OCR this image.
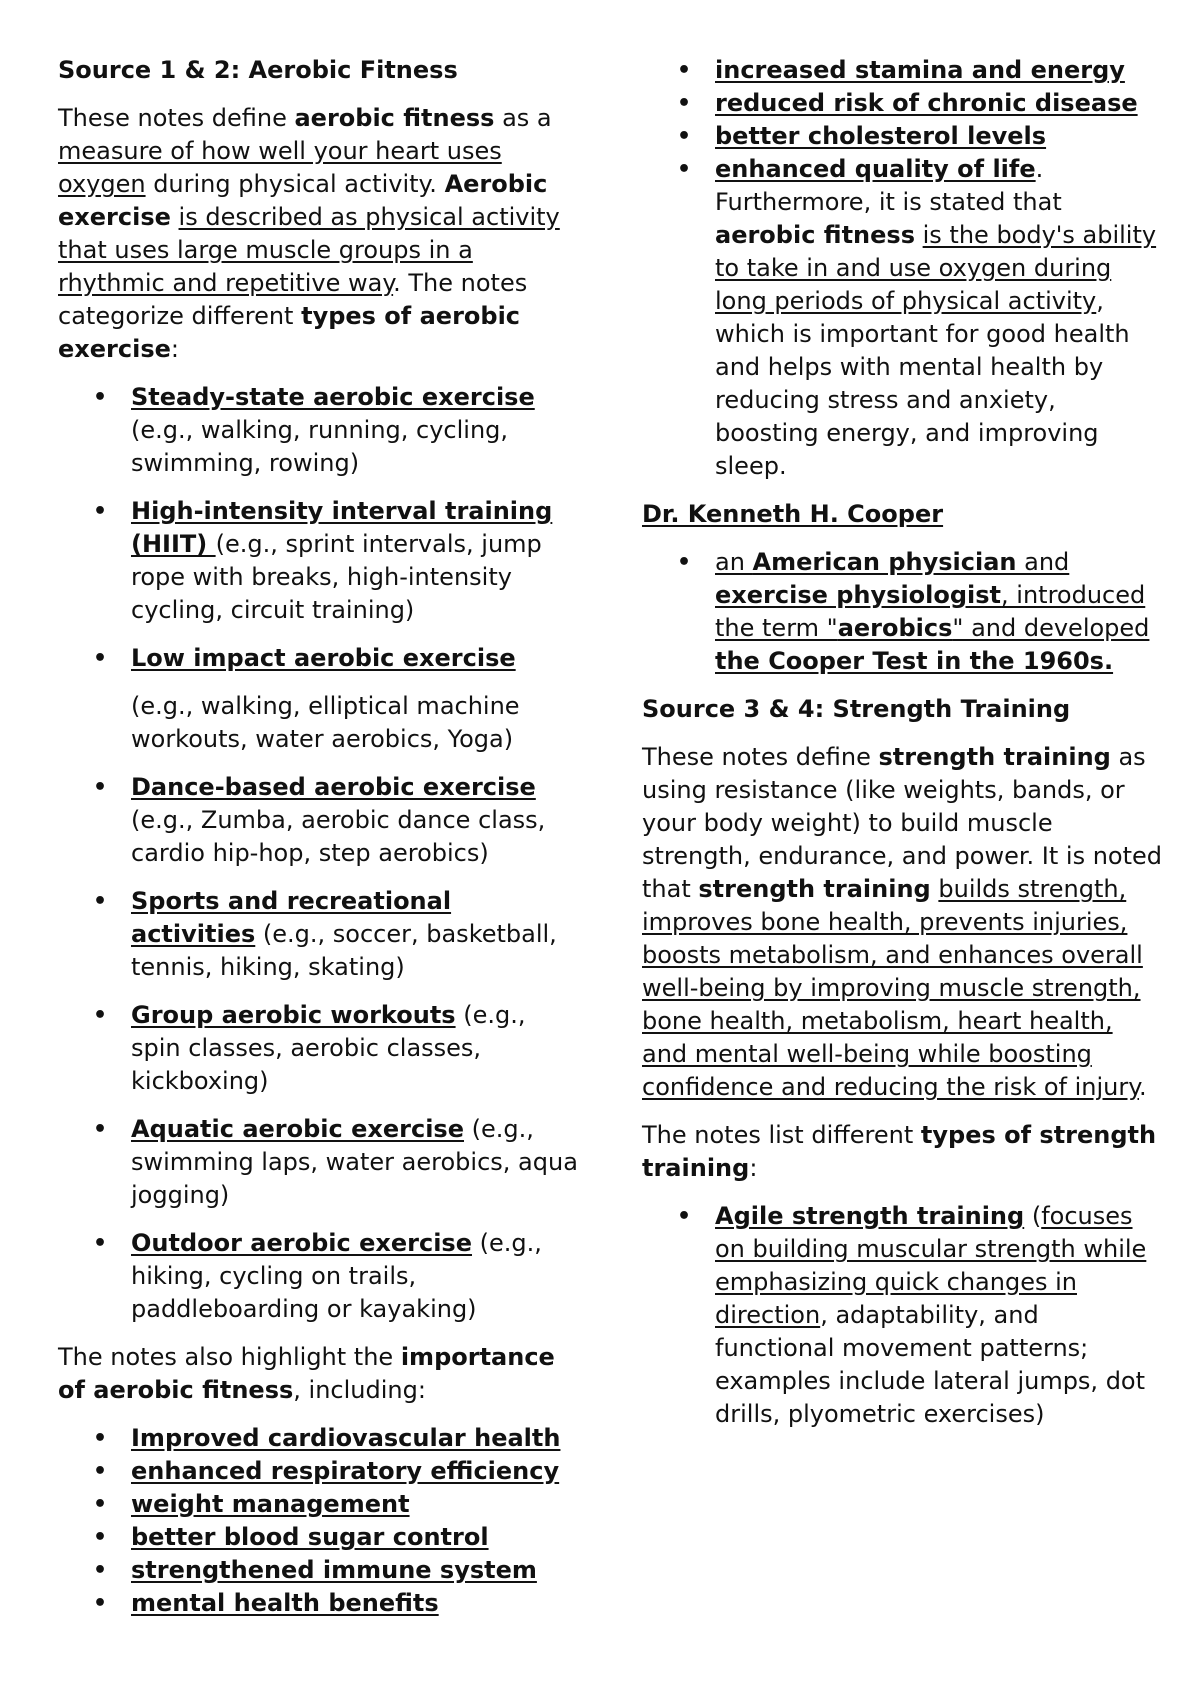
Source 1 & 2: Aerobic Fitness

These notes define aerobic fitness as a measure of how well your heart uses oxygen during physical activity. Aerobic exercise is described as physical activity that uses large muscle groups in a rhythmic and repetitive way. The notes categorize different types of aerobic exercise:

• Steady-state aerobic exercise (e.g., walking, running, cycling, swimming, rowing)
• High-intensity interval training (HIIT) (e.g., sprint intervals, jump rope with breaks, high-intensity cycling, circuit training)
• Low impact aerobic exercise
(e.g., walking, elliptical machine workouts, water aerobics, Yoga)
• Dance-based aerobic exercise (e.g., Zumba, aerobic dance class, cardio hip-hop, step aerobics)
• Sports and recreational activities (e.g., soccer, basketball, tennis, hiking, skating)
• Group aerobic workouts (e.g., spin classes, aerobic classes, kickboxing)
• Aquatic aerobic exercise (e.g., swimming laps, water aerobics, aqua jogging)
• Outdoor aerobic exercise (e.g., hiking, cycling on trails, paddleboarding or kayaking)

The notes also highlight the importance of aerobic fitness, including:

• Improved cardiovascular health
• enhanced respiratory efficiency
• weight management
• better blood sugar control
• strengthened immune system
• mental health benefits
• increased stamina and energy
• reduced risk of chronic disease
• better cholesterol levels
• enhanced quality of life. Furthermore, it is stated that aerobic fitness is the body's ability to take in and use oxygen during long periods of physical activity, which is important for good health and helps with mental health by reducing stress and anxiety, boosting energy, and improving sleep.
Dr. Kenneth H. Cooper
• an American physician and exercise physiologist, introduced the term "aerobics" and developed the Cooper Test in the 1960s.
Source 3 & 4: Strength Training

These notes define strength training as using resistance (like weights, bands, or your body weight) to build muscle strength, endurance, and power. It is noted that strength training builds strength, improves bone health, prevents injuries, boosts metabolism, and enhances overall well-being by improving muscle strength, bone health, metabolism, heart health, and mental well-being while boosting confidence and reducing the risk of injury.

The notes list different types of strength training:

• Agile strength training (focuses on building muscular strength while emphasizing quick changes in direction, adaptability, and functional movement patterns; examples include lateral jumps, dot drills, plyometric exercises)
